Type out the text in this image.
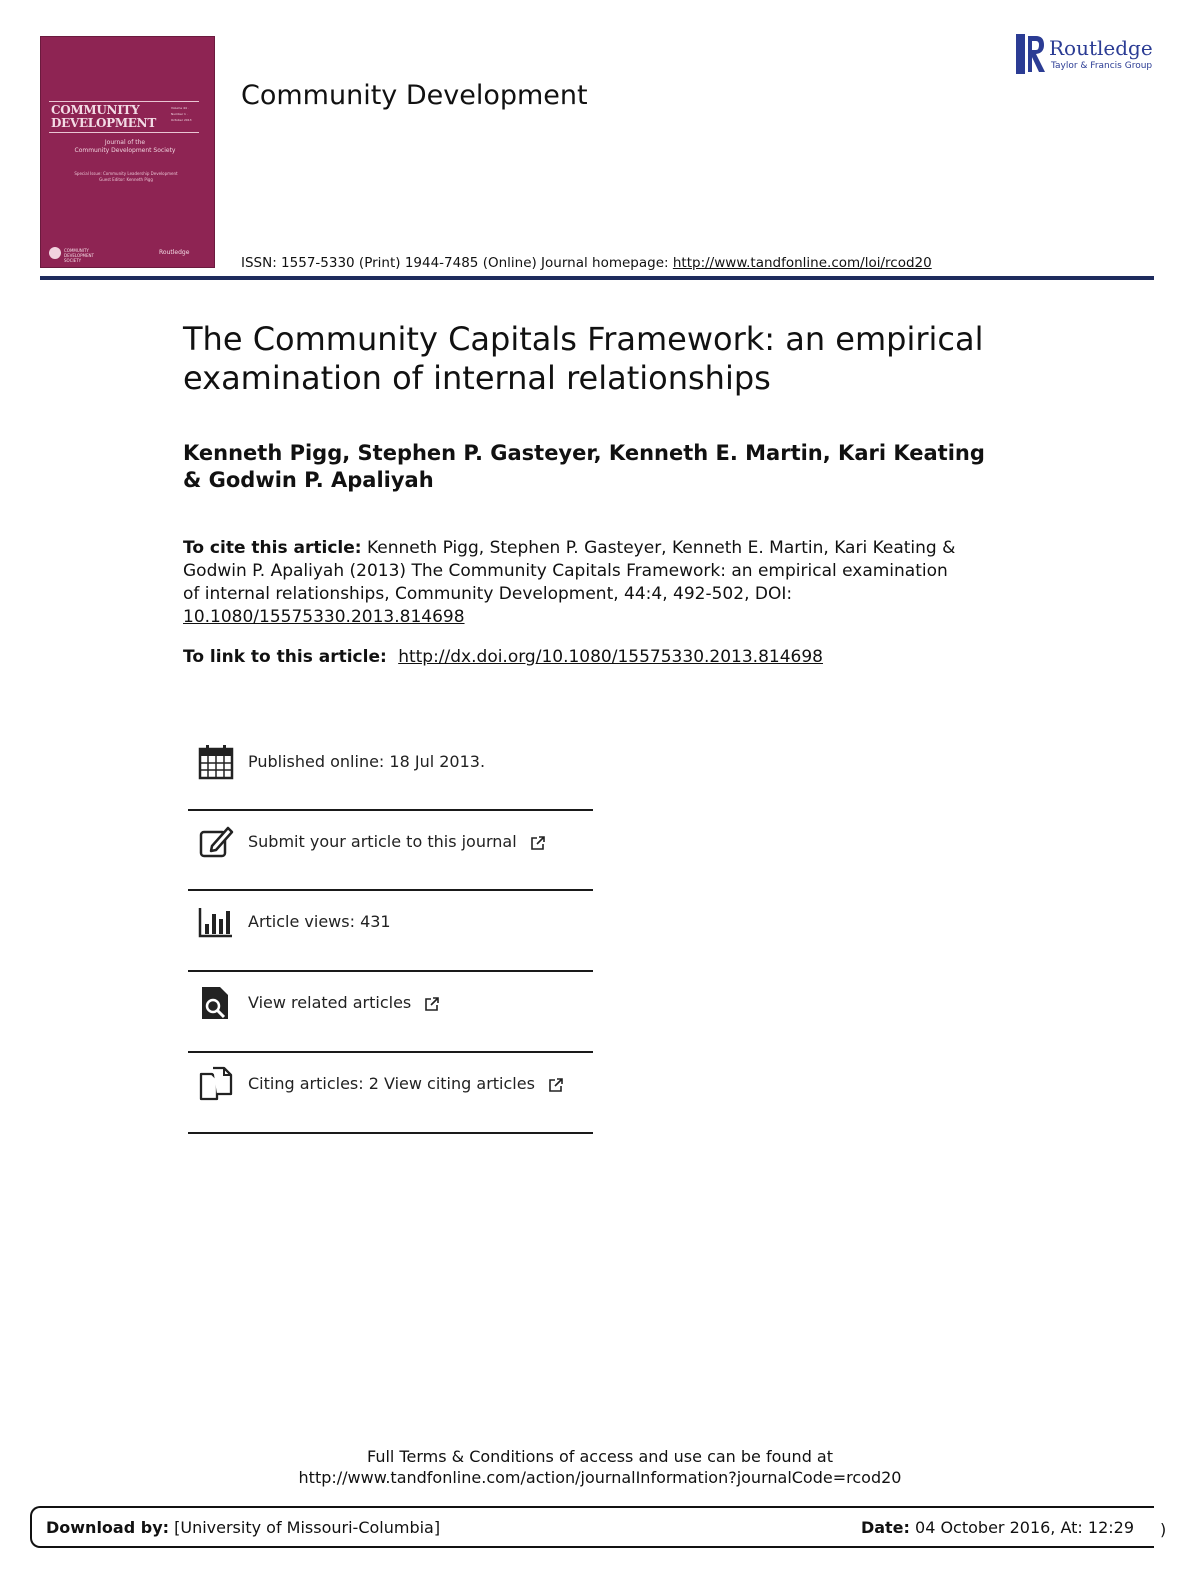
COMMUNITY
DEVELOPMENT
Volume 44 · Number 1 · October 2013
Journal of the
Community Development Society
Special Issue: Community Leadership Development
Guest Editor: Kenneth Pigg
COMMUNITY DEVELOPMENT SOCIETY
Routledge
Community Development
Routledge
Taylor & Francis Group
ISSN: 1557-5330 (Print) 1944-7485 (Online) Journal homepage: http://www.tandfonline.com/loi/rcod20
The Community Capitals Framework: an empirical examination of internal relationships
Kenneth Pigg, Stephen P. Gasteyer, Kenneth E. Martin, Kari Keating & Godwin P. Apaliyah
To cite this article: Kenneth Pigg, Stephen P. Gasteyer, Kenneth E. Martin, Kari Keating & Godwin P. Apaliyah (2013) The Community Capitals Framework: an empirical examination of internal relationships, Community Development, 44:4, 492-502, DOI:
10.1080/15575330.2013.814698
To link to this article: http://dx.doi.org/10.1080/15575330.2013.814698
Published online: 18 Jul 2013.
Submit your article to this journal
Article views: 431
View related articles
Citing articles: 2 View citing articles
Full Terms & Conditions of access and use can be found at
http://www.tandfonline.com/action/journalInformation?journalCode=rcod20
Download by: [University of Missouri-Columbia]	Date: 04 October 2016, At: 12:29 )
